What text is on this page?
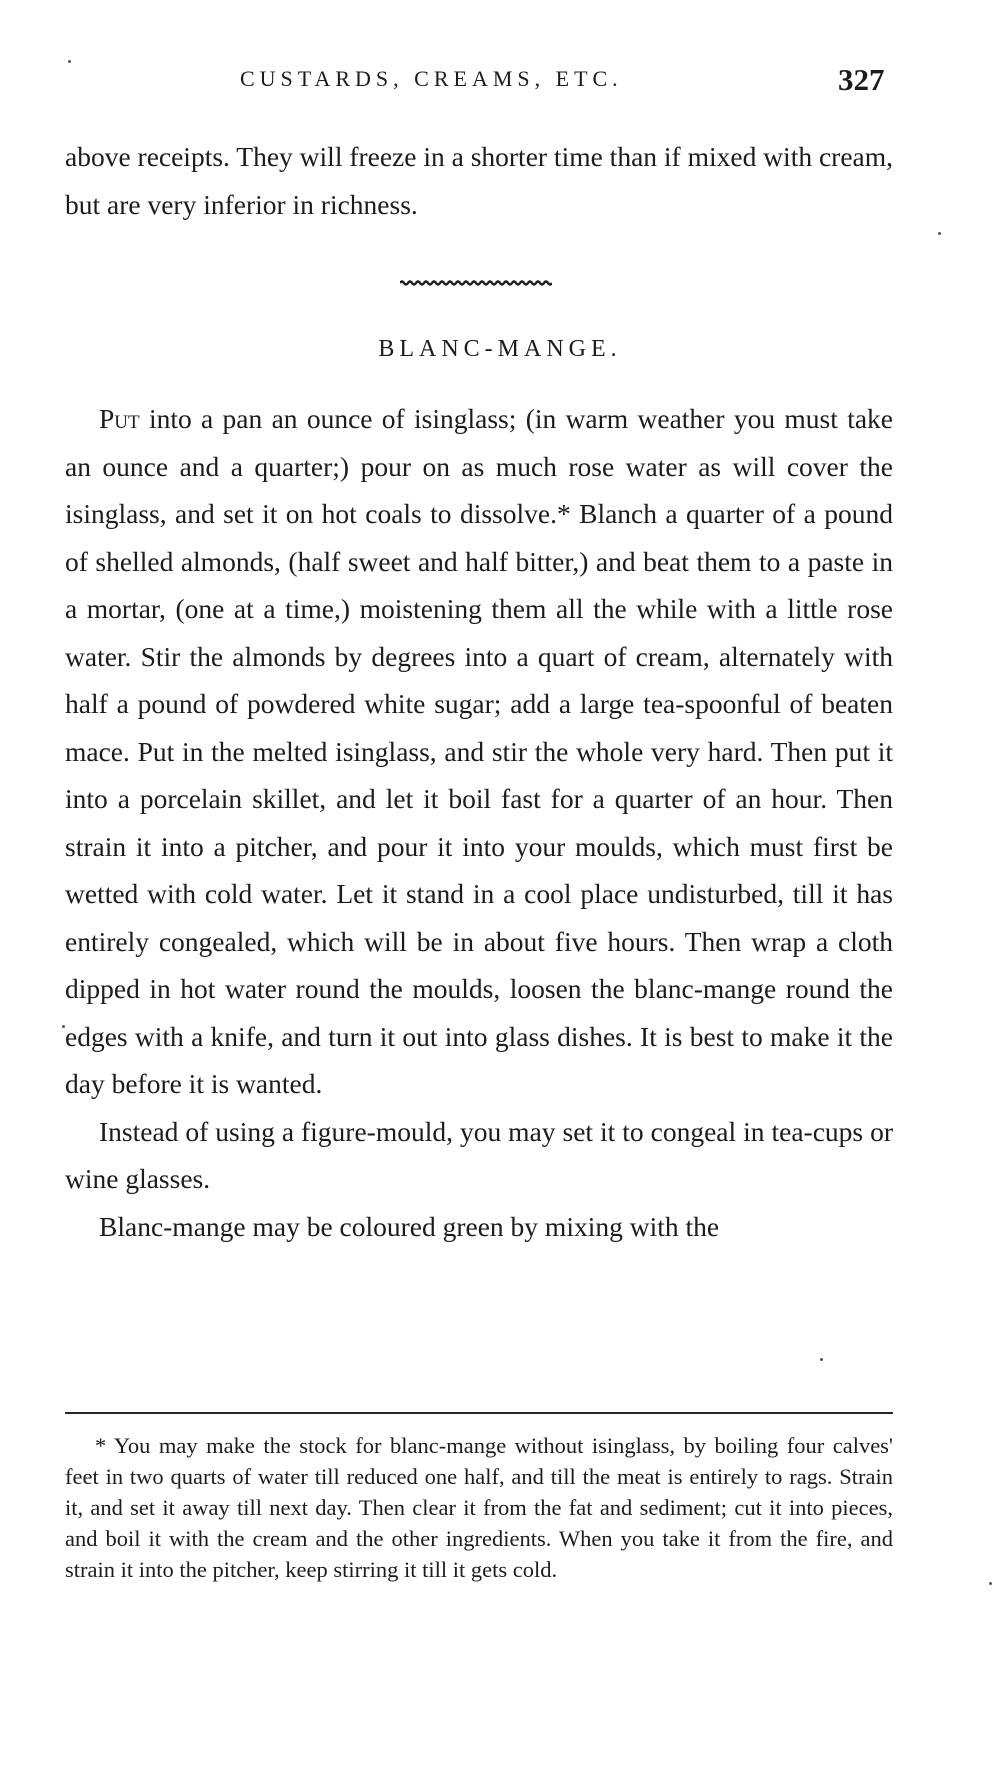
CUSTARDS, CREAMS, ETC.	327

above receipts. They will freeze in a shorter time than if mixed with cream, but are very inferior in richness.

BLANC-MANGE.

Put into a pan an ounce of isinglass; (in warm weather you must take an ounce and a quarter;) pour on as much rose water as will cover the isinglass, and set it on hot coals to dissolve.* Blanch a quarter of a pound of shelled almonds, (half sweet and half bitter,) and beat them to a paste in a mortar, (one at a time,) moistening them all the while with a little rose water. Stir the almonds by degrees into a quart of cream, alternately with half a pound of powdered white sugar; add a large tea-spoonful of beaten mace. Put in the melted isinglass, and stir the whole very hard. Then put it into a porcelain skillet, and let it boil fast for a quarter of an hour. Then strain it into a pitcher, and pour it into your moulds, which must first be wetted with cold water. Let it stand in a cool place undisturbed, till it has entirely congealed, which will be in about five hours. Then wrap a cloth dipped in hot water round the moulds, loosen the blanc-mange round the edges with a knife, and turn it out into glass dishes. It is best to make it the day before it is wanted.

Instead of using a figure-mould, you may set it to congeal in tea-cups or wine glasses.

Blanc-mange may be coloured green by mixing with the

* You may make the stock for blanc-mange without isinglass, by boiling four calves' feet in two quarts of water till reduced one half, and till the meat is entirely to rags. Strain it, and set it away till next day. Then clear it from the fat and sediment; cut it into pieces, and boil it with the cream and the other ingredients. When you take it from the fire, and strain it into the pitcher, keep stirring it till it gets cold.
